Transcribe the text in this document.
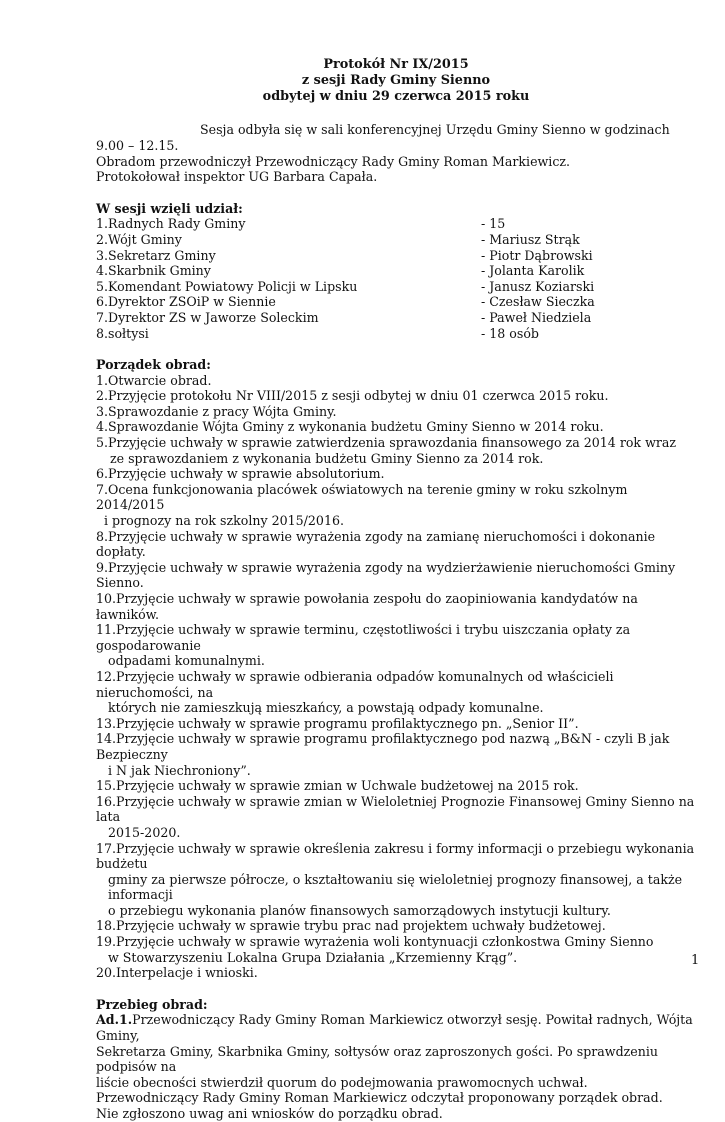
Protokół Nr IX/2015
z sesji Rady Gminy Sienno
odbytej w dniu 29 czerwca 2015 roku
Sesja odbyła się w sali konferencyjnej Urzędu Gminy Sienno w godzinach 9.00 – 12.15.
Obradom przewodniczył Przewodniczący Rady Gminy Roman Markiewicz.
Protokołował inspektor UG Barbara Capała.
W sesji wzięli udział:
1.Radnych Rady Gminy	- 15
2.Wójt Gminy	- Mariusz Strąk
3.Sekretarz Gminy	- Piotr Dąbrowski
4.Skarbnik Gminy	- Jolanta Karolik
5.Komendant Powiatowy Policji w Lipsku	- Janusz Koziarski
6.Dyrektor ZSOiP w Siennie	- Czesław Sieczka
7.Dyrektor ZS w Jaworze Soleckim	- Paweł Niedziela
8.sołtysi	- 18 osób
Porządek obrad:
1.Otwarcie obrad.
2.Przyjęcie protokołu Nr VIII/2015 z sesji odbytej w dniu 01 czerwca 2015 roku.
3.Sprawozdanie z pracy Wójta Gminy.
4.Sprawozdanie Wójta Gminy z wykonania budżetu Gminy Sienno w 2014 roku.
5.Przyjęcie uchwały w sprawie zatwierdzenia sprawozdania finansowego za 2014 rok wraz
ze sprawozdaniem z wykonania budżetu Gminy Sienno za 2014 rok.
6.Przyjęcie uchwały w sprawie absolutorium.
7.Ocena funkcjonowania placówek oświatowych na terenie gminy w roku szkolnym 2014/2015
i prognozy na rok szkolny 2015/2016.
8.Przyjęcie uchwały w sprawie wyrażenia zgody na zamianę nieruchomości i dokonanie dopłaty.
9.Przyjęcie uchwały w sprawie wyrażenia zgody na wydzierżawienie nieruchomości Gminy Sienno.
10.Przyjęcie uchwały w sprawie powołania zespołu do zaopiniowania kandydatów na ławników.
11.Przyjęcie uchwały w sprawie terminu, częstotliwości i trybu uiszczania opłaty za gospodarowanie
odpadami komunalnymi.
12.Przyjęcie uchwały w sprawie odbierania odpadów komunalnych od właścicieli nieruchomości, na
których nie zamieszkują mieszkańcy, a powstają odpady komunalne.
13.Przyjęcie uchwały w sprawie programu profilaktycznego pn. „Senior II”.
14.Przyjęcie uchwały w sprawie programu profilaktycznego pod nazwą „B&N - czyli B jak Bezpieczny
i N jak Niechroniony”.
15.Przyjęcie uchwały w sprawie zmian w Uchwale budżetowej na 2015 rok.
16.Przyjęcie uchwały w sprawie zmian w Wieloletniej Prognozie Finansowej Gminy Sienno na lata
2015-2020.
17.Przyjęcie uchwały w sprawie określenia zakresu i formy informacji o przebiegu wykonania budżetu
gminy za pierwsze półrocze, o kształtowaniu się wieloletniej prognozy finansowej, a także informacji
o przebiegu wykonania planów finansowych samorządowych instytucji kultury.
18.Przyjęcie uchwały w sprawie trybu prac nad projektem uchwały budżetowej.
19.Przyjęcie uchwały w sprawie wyrażenia woli kontynuacji członkostwa Gminy Sienno
w Stowarzyszeniu Lokalna Grupa Działania „Krzemienny Krąg”.
20.Interpelacje i wnioski.
Przebieg obrad:
Ad.1.Przewodniczący Rady Gminy Roman Markiewicz otworzył sesję. Powitał radnych, Wójta Gminy,
Sekretarza Gminy, Skarbnika Gminy, sołtysów oraz zaproszonych gości. Po sprawdzeniu podpisów na
liście obecności stwierdził quorum do podejmowania prawomocnych uchwał.
Przewodniczący Rady Gminy Roman Markiewicz odczytał proponowany porządek obrad.
Nie zgłoszono uwag ani wniosków do porządku obrad.
1
